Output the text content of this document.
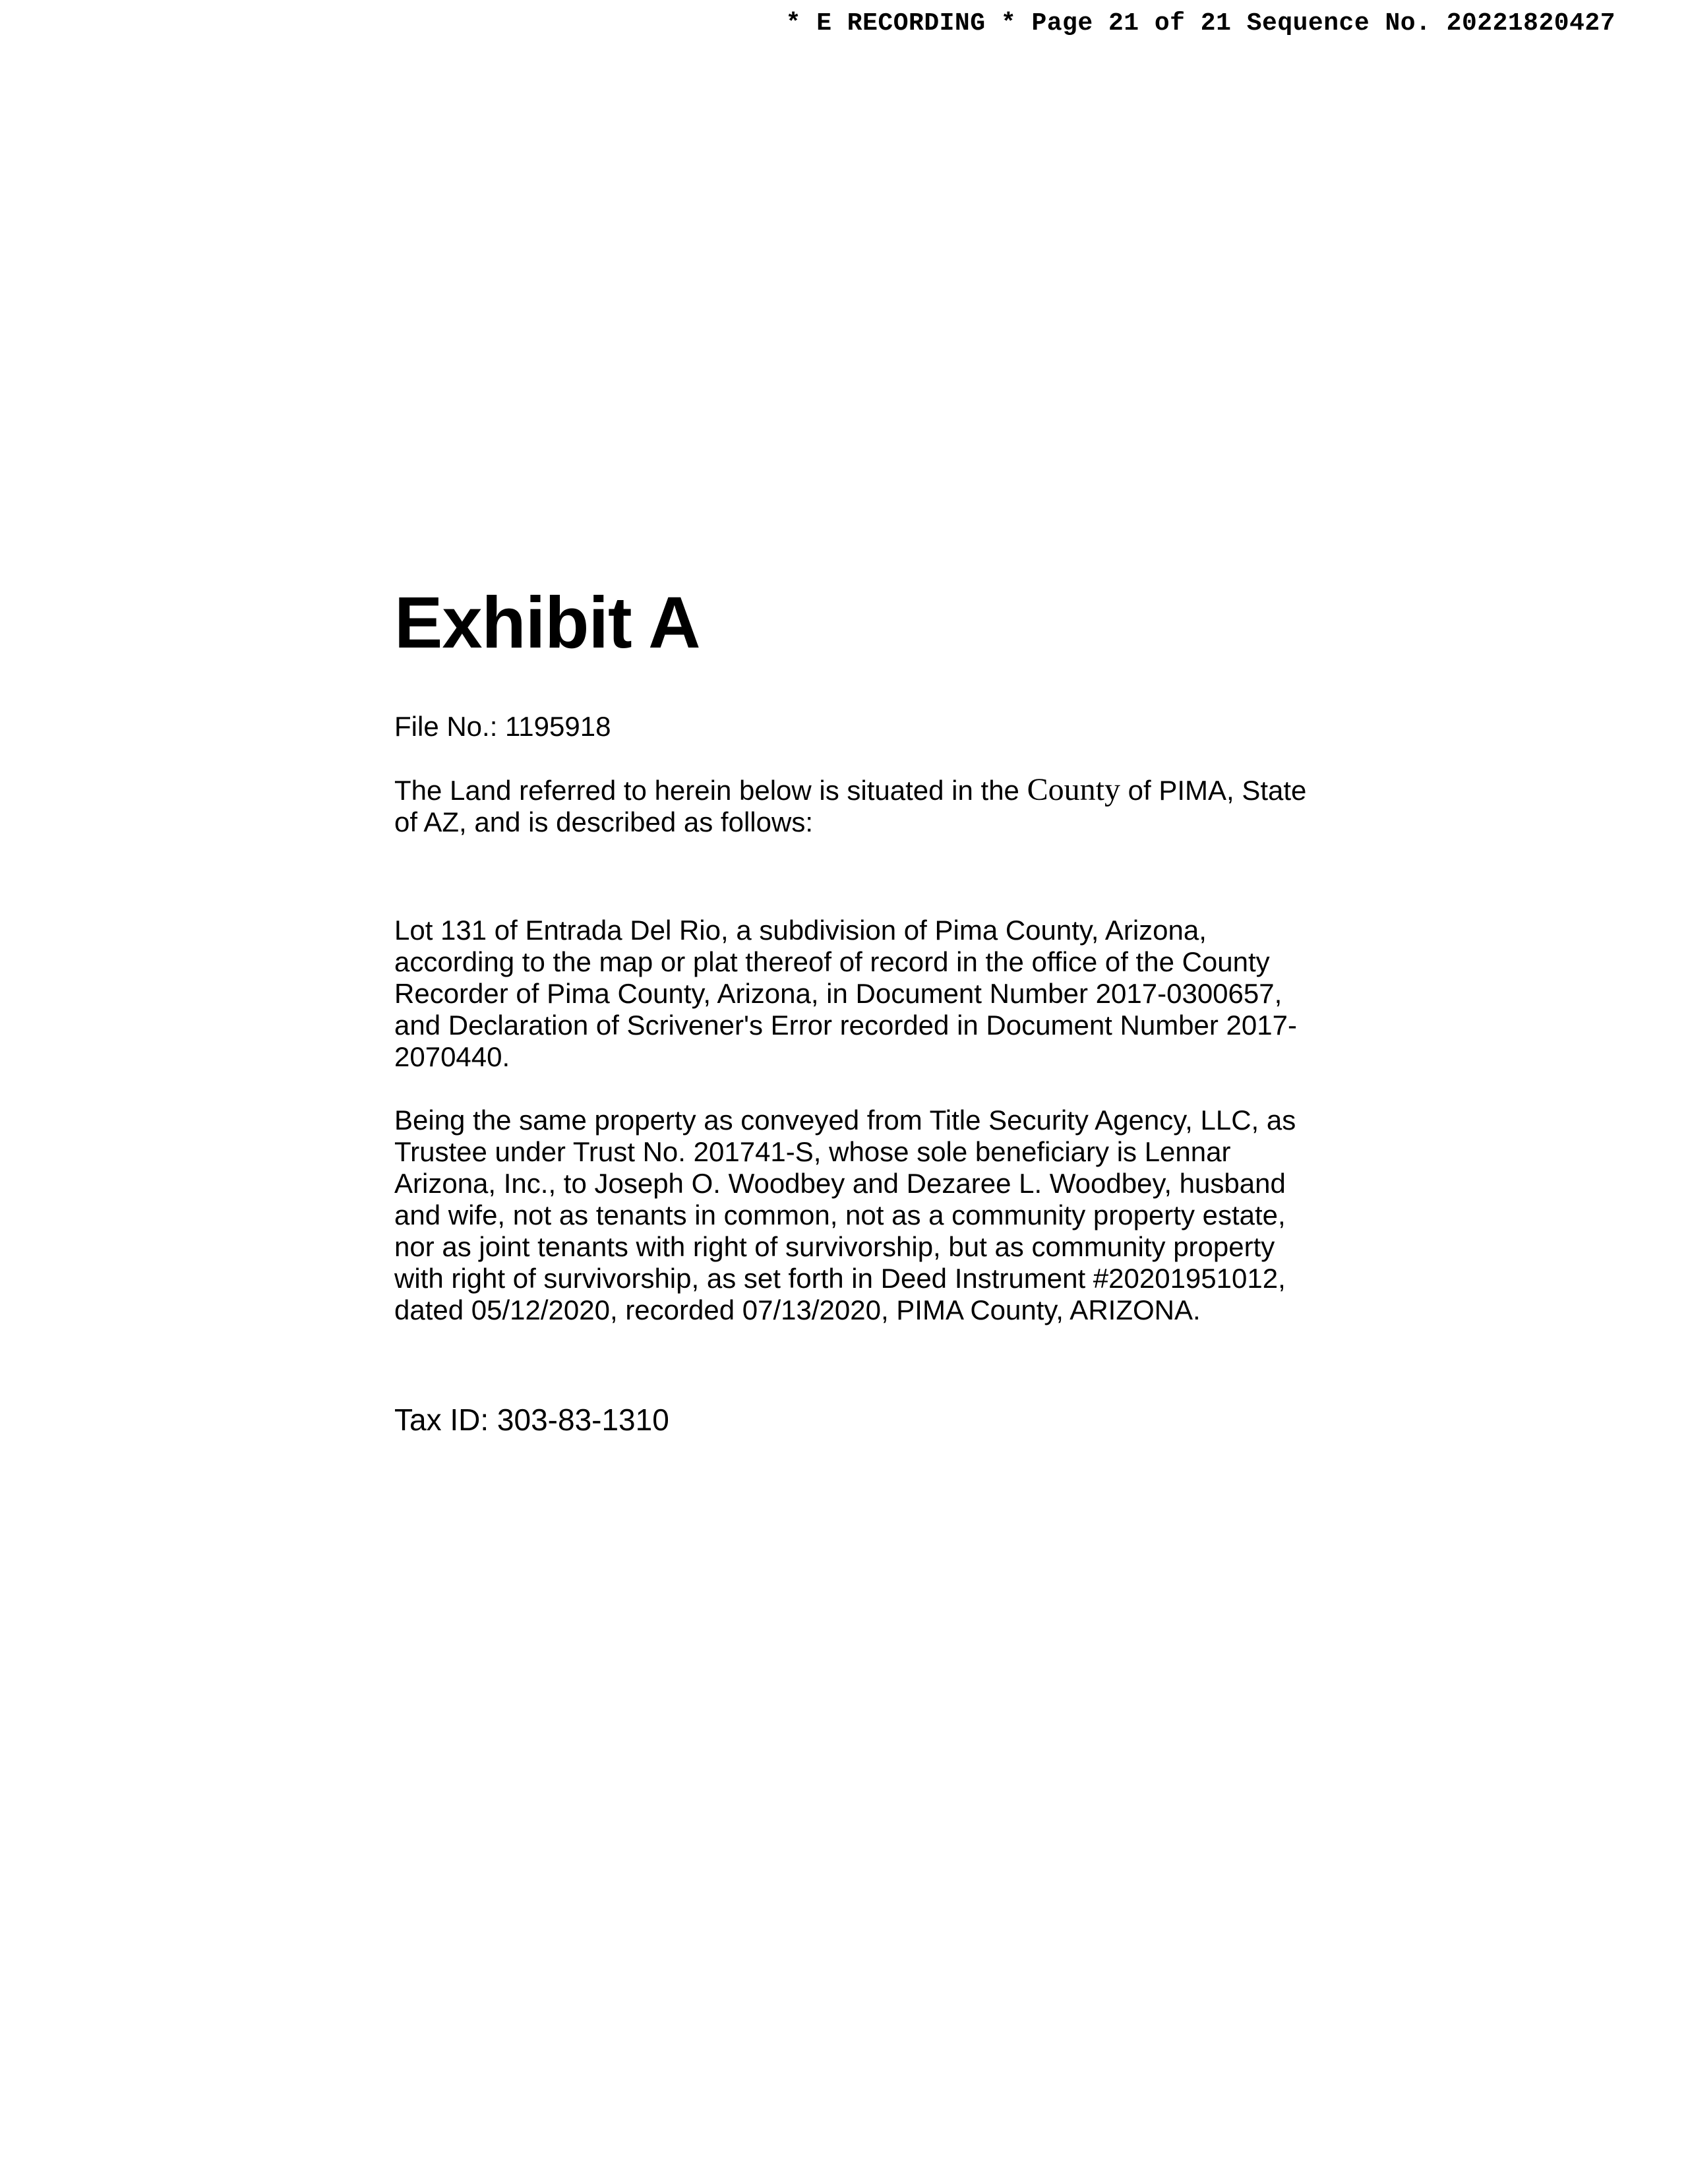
* E RECORDING * Page 21 of 21 Sequence No. 20221820427
Exhibit A

File No.: 1195918

The Land referred to herein below is situated in the County of PIMA, State of AZ, and is described as follows:

Lot 131 of Entrada Del Rio, a subdivision of Pima County, Arizona, according to the map or plat thereof of record in the office of the County Recorder of Pima County, Arizona, in Document Number 2017-0300657, and Declaration of Scrivener's Error recorded in Document Number 2017-2070440.

Being the same property as conveyed from Title Security Agency, LLC, as Trustee under Trust No. 201741-S, whose sole beneficiary is Lennar Arizona, Inc., to Joseph O. Woodbey and Dezaree L. Woodbey, husband and wife, not as tenants in common, not as a community property estate, nor as joint tenants with right of survivorship, but as community property with right of survivorship, as set forth in Deed Instrument #20201951012, dated 05/12/2020, recorded 07/13/2020, PIMA County, ARIZONA.

Tax ID: 303-83-1310
